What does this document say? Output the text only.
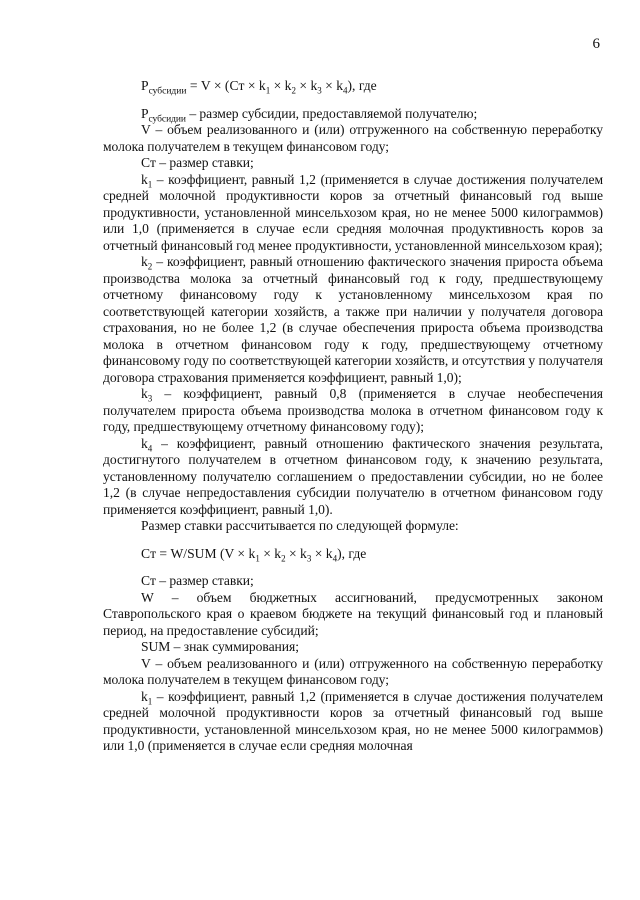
6

$P_{субсидии} = V \times (Cт \times k_1 \times k_2 \times k_3 \times k_4)$, где

$P_{субсидии}$ – размер субсидии, предоставляемой получателю;

V – объем реализованного и (или) отгруженного на собственную переработку молока получателем в текущем финансовом году;

Cт – размер ставки;

$k_1$ – коэффициент, равный 1,2 (применяется в случае достижения получателем средней молочной продуктивности коров за отчетный финансовый год выше продуктивности, установленной минсельхозом края, но не менее 5000 килограммов) или 1,0 (применяется в случае если средняя молочная продуктивность коров за отчетный финансовый год менее продуктивности, установленной минсельхозом края);

$k_2$ – коэффициент, равный отношению фактического значения прироста объема производства молока за отчетный финансовый год к году, предшествующему отчетному финансовому году к установленному минсельхозом края по соответствующей категории хозяйств, а также при наличии у получателя договора страхования, но не более 1,2 (в случае обеспечения прироста объема производства молока в отчетном финансовом году к году, предшествующему отчетному финансовому году по соответствующей категории хозяйств, и отсутствия у получателя договора страхования применяется коэффициент, равный 1,0);

$k_3$ – коэффициент, равный 0,8 (применяется в случае необеспечения получателем прироста объема производства молока в отчетном финансовом году к году, предшествующему отчетному финансовому году);

$k_4$ – коэффициент, равный отношению фактического значения результата, достигнутого получателем в отчетном финансовом году, к значению результата, установленному получателю соглашением о предоставлении субсидии, но не более 1,2 (в случае непредоставления субсидии получателю в отчетном финансовом году применяется коэффициент, равный 1,0).

Размер ставки рассчитывается по следующей формуле:

Cт = W/SUM $(V \times k_1 \times k_2 \times k_3 \times k_4)$, где

Cт – размер ставки;

W – объем бюджетных ассигнований, предусмотренных законом Ставропольского края о краевом бюджете на текущий финансовый год и плановый период, на предоставление субсидий;

SUM – знак суммирования;

V – объем реализованного и (или) отгруженного на собственную переработку молока получателем в текущем финансовом году;

$k_1$ – коэффициент, равный 1,2 (применяется в случае достижения получателем средней молочной продуктивности коров за отчетный финансовый год выше продуктивности, установленной минсельхозом края, но не менее 5000 килограммов) или 1,0 (применяется в случае если средняя молочная
